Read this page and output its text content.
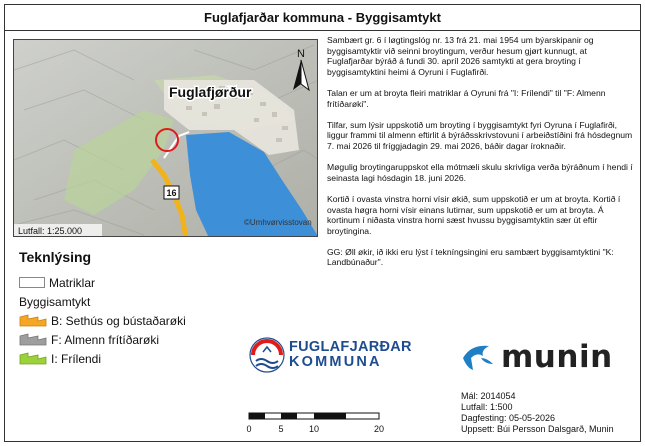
Fuglafjarðar kommuna - Byggisamtykt
16
Fuglafjørður
N
Lutfall: 1:25.000
©Umhvørvisstovan

Sambært gr. 6 í løgtingslóg nr. 13 frá 21. mai 1954 um býarskipanir og byggisamtyktir við seinni broytingum, verður hesum gjørt kunnugt, at Fuglafjarðar býráð á fundi 30. apríl 2026 samtykti at gera broyting í byggisamtyktini heimi á Oyruni í Fuglafirði.

Talan er um at broyta fleiri matriklar á Oyruni frá "I: Frílendi" til "F: Almenn frítíðarøki".

Tilfar, sum lýsir uppskotið um broyting í byggisamtykt fyri Oyruna í Fuglafirði, liggur frammi til almenn eftirlit á býráðsskrivstovuni í arbeiðstíðini frá hósdegnum 7. mai 2026 til fríggjadagin 29. mai 2026, báðir dagar íroknaðir.

Møgulig broytingaruppskot ella mótmæli skulu skrivliga verða býráðnum í hendi í seinasta lagi hósdagin 18. juni 2026.

Kortið í ovasta vinstra horni vísir økið, sum uppskotið er um at broyta. Kortið í ovasta høgra horni vísir einans lutirnar, sum uppskotið er um at broyta. Á kortinum í niðasta vinstra horni sæst hvussu byggisamtyktin sær út eftir broytingina.

GG: Øll økir, ið ikki eru lýst í tekníngsingini eru sambært byggisamtyktini "K: Landbúnaður".

Teknlýsing
Matriklar
Byggisamtykt
B: Sethús og bústaðarøki
F: Almenn frítíðarøki
I: Frílendi
FUGLAFJARÐAR
KOMMUNA	munin
0	5	10	20
Mál: 2014054
Lutfall: 1:500
Dagfesting: 05-05-2026
Uppsett: Búi Persson Dalsgarð, Munin
